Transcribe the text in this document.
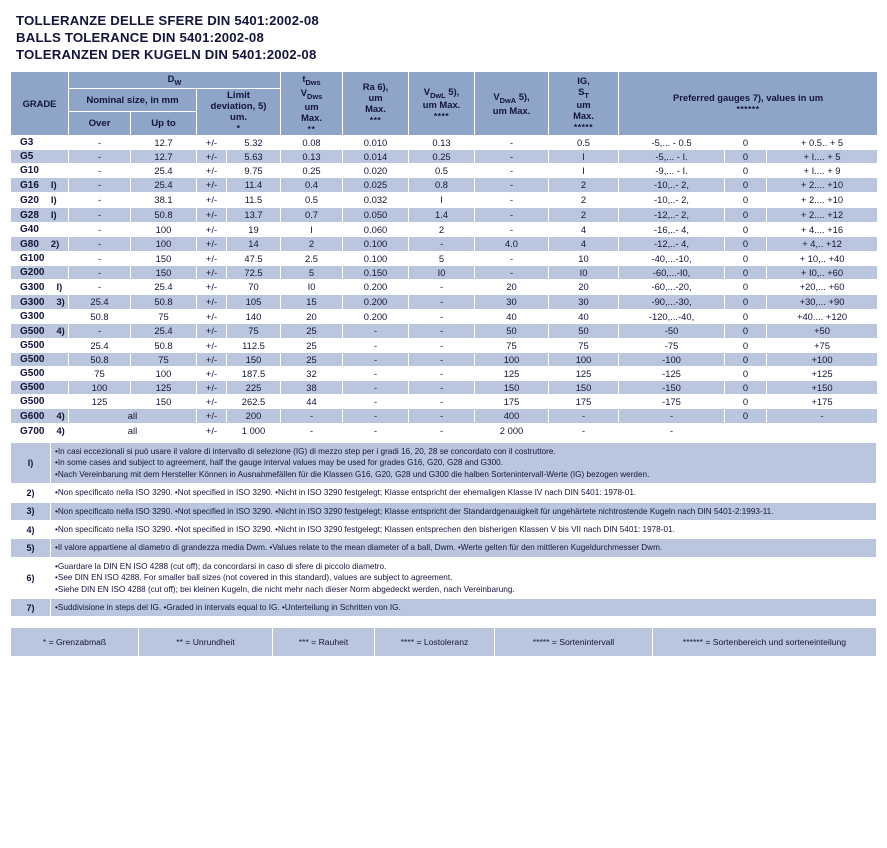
TOLLERANZE DELLE SFERE DIN 5401:2002-08
BALLS TOLERANCE DIN 5401:2002-08
TOLERANZEN DER KUGELN DIN 5401:2002-08
GRADE	$D_W$				$t_{Dws}$
$V_{Dws}$
um
Max.
**	Ra 6),
um
Max.
***	$V_{DwL}$ 5),
um Max.
****	$V_{DwA}$ 5),
um Max.	IG,
$S_T$
um
Max.
*****	Preferred gauges 7), values in um
******		
	Nominal size, in mm		Limit
deviation, 5)
um.
*									
	Over	Up to										
G3	-	12.7	+/-	5.32	0.08	0.010	0.13	-	0.5	-5,... - 0.5	0	+ 0.5.. + 5
G5	-	12.7	+/-	5.63	0.13	0.014	0.25	-	I	-5,... - I.	0	+ I.... + 5
G10	-	25.4	+/-	9.75	0.25	0.020	0.5	-	I	-9,... - I.	0	+ I.... + 9
G16 I)	-	25.4	+/-	11.4	0.4	0.025	0.8	-	2	-10,..- 2,	0	+ 2.... +10
G20 I)	-	38.1	+/-	11.5	0.5	0.032	I	-	2	-10,..- 2,	0	+ 2.... +10
G28 I)	-	50.8	+/-	13.7	0.7	0.050	1.4	-	2	-12,..- 2,	0	+ 2.... +12
G40	-	100	+/-	19	I	0.060	2	-	4	-16,..- 4,	0	+ 4.... +16
G80 2)	-	100	+/-	14	2	0.100	-	4.0	4	-12,..- 4,	0	+ 4,.. +12
G100	-	150	+/-	47.5	2.5	0.100	5	-	10	-40,...-10,	0	+ 10,.. +40
G200	-	150	+/-	72.5	5	0.150	I0	-	I0	-60,...-I0,	0	+ I0,.. +60
G300 I)	-	25.4	+/-	70	I0	0.200	-	20	20	-60,...-20,	0	+20,... +60
G300 3)	25.4	50.8	+/-	105	15	0.200	-	30	30	-90,...-30,	0	+30,... +90
G300	50.8	75	+/-	140	20	0.200	-	40	40	-120,...-40,	0	+40.... +120
G500 4)	-	25.4	+/-	75	25	-	-	50	50	-50	0	+50
G500	25.4	50.8	+/-	112.5	25	-	-	75	75	-75	0	+75
G500	50.8	75	+/-	150	25	-	-	100	100	-100	0	+100
G500	75	100	+/-	187.5	32	-	-	125	125	-125	0	+125
G500	100	125	+/-	225	38	-	-	150	150	-150	0	+150
G500	125	150	+/-	262.5	44	-	-	175	175	-175	0	+175
G600 4)	all		+/-	200	-	-	-	400	-	-	0	-
G700 4)	all		+/-	1 000	-	-	-	2 000	-	-		
I)	•In casi eccezionali si può usare il valore di intervallo di selezione (IG) di mezzo step per i gradi 16, 20, 28 se concordato con il costruttore.
•In some cases and subject to agreement, half the gauge interval values may be used for grades G16, G20, G28 and G300.
•Nach Vereinbarung mit dem Hersteller Können in Ausnahmefällen für die Klassen G16, G20, G28 und G300 die halben Sortenintervall-Werte (IG) bezogen werden.

2)	•Non specificato nella ISO 3290. •Not specified in ISO 3290. •Nicht in ISO 3290 festgelegt; Klasse entspricht der ehemaligen Klasse IV nach DIN 5401: 1978-01.

3)	•Non specificato nella ISO 3290. •Not specified in ISO 3290. •Nicht in ISO 3290 festgelegt; Klasse entspricht der Standardgenauigkeit für ungehärtete nichtrostende Kugeln nach DIN 5401-2:1993-11.

4)	•Non specificato nella ISO 3290. •Not specified in ISO 3290. •Nicht in ISO 3290 festgelegt; Klassen entsprechen den bisherigen Klassen V bis VII nach DIN 5401: 1978-01.

5)	•Il valore appartiene al diametro di grandezza media Dwm. •Values relate to the mean diameter of a ball, Dwm. •Werte gelten für den mittleren Kugeldurchmesser Dwm.

6)	•Guardare la DIN EN ISO 4288 (cut off); da concordarsi in caso di sfere di piccolo diametro.
•See DIN EN ISO 4288. For smaller ball sizes (not covered in this standard), values are subject to agreement.
•Siehe DIN EN ISO 4288 (cut off); bei kleinen Kugeln, die nicht mehr nach dieser Norm abgedeckt werden, nach Vereinbarung.

7)	•Suddivisione in steps del IG. •Graded in intervals equal to IG. •Unterteilung in Schritten von IG.
* = Grenzabmaß	** = Unrundheit	*** = Rauheit	**** = Lostoleranz	***** = Sortenintervall	****** = Sortenbereich und sorteneinteilung
